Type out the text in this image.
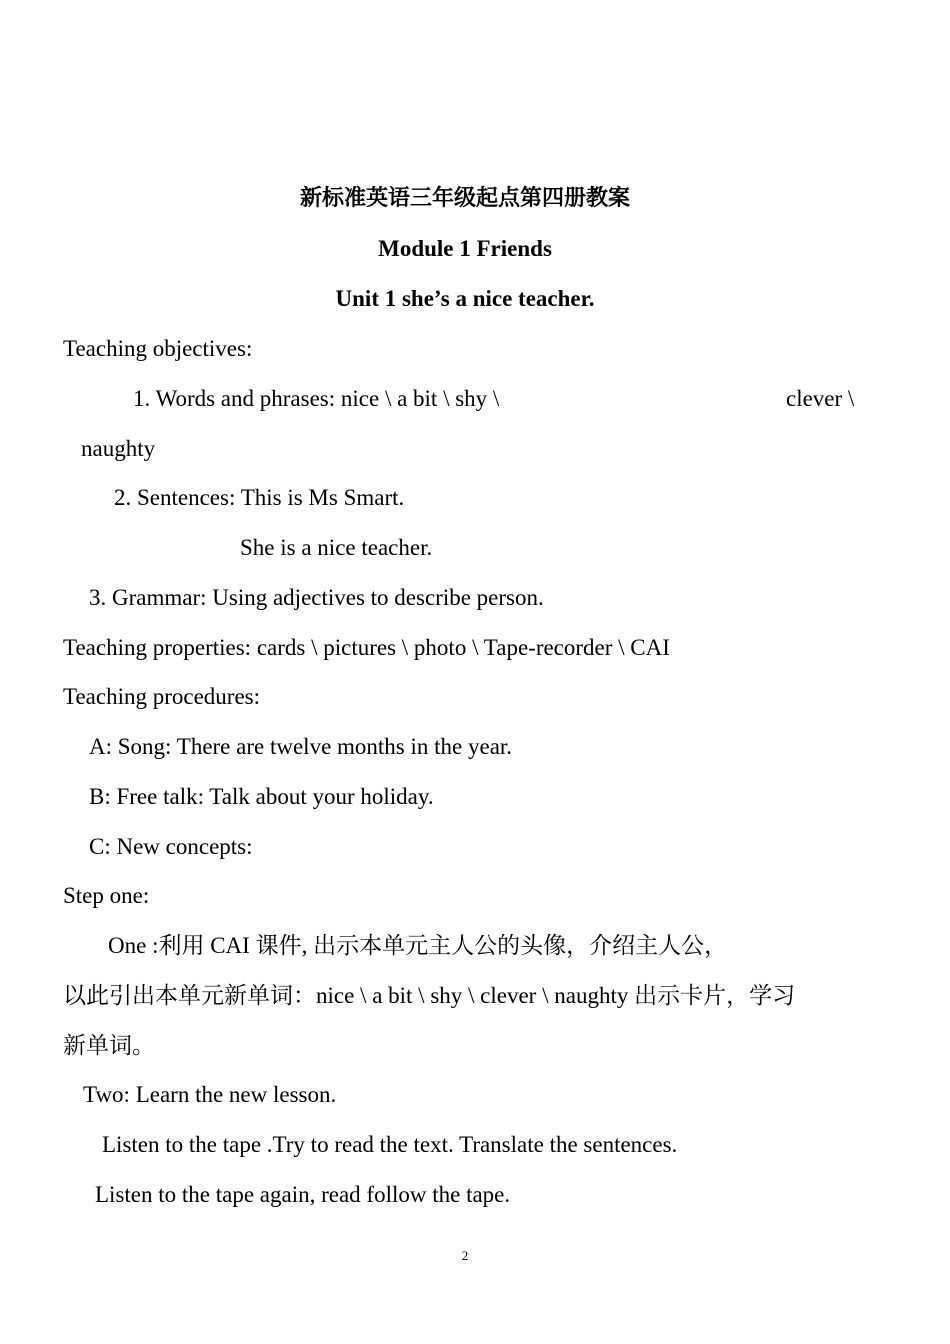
新标准英语三年级起点第四册教案
Module 1 Friends
Unit 1 she’s a nice teacher.
Teaching objectives:
1. Words and phrases: nice \ a bit \ shy \	clever \
naughty
2. Sentences: This is Ms Smart.
She is a nice teacher.
3. Grammar: Using adjectives to describe person.
Teaching properties: cards \ pictures \ photo \ Tape-recorder \ CAI
Teaching procedures:
A: Song: There are twelve months in the year.
B: Free talk: Talk about your holiday.
C: New concepts:
Step one:
One :利用 CAI 课件, 出示本单元主人公的头像，介绍主人公，
以此引出本单元新单词：nice \ a bit \ shy \ clever \ naughty 出示卡片，学习
新单词。
Two: Learn the new lesson.
Listen to the tape .Try to read the text. Translate the sentences.
Listen to the tape again, read follow the tape.
2
